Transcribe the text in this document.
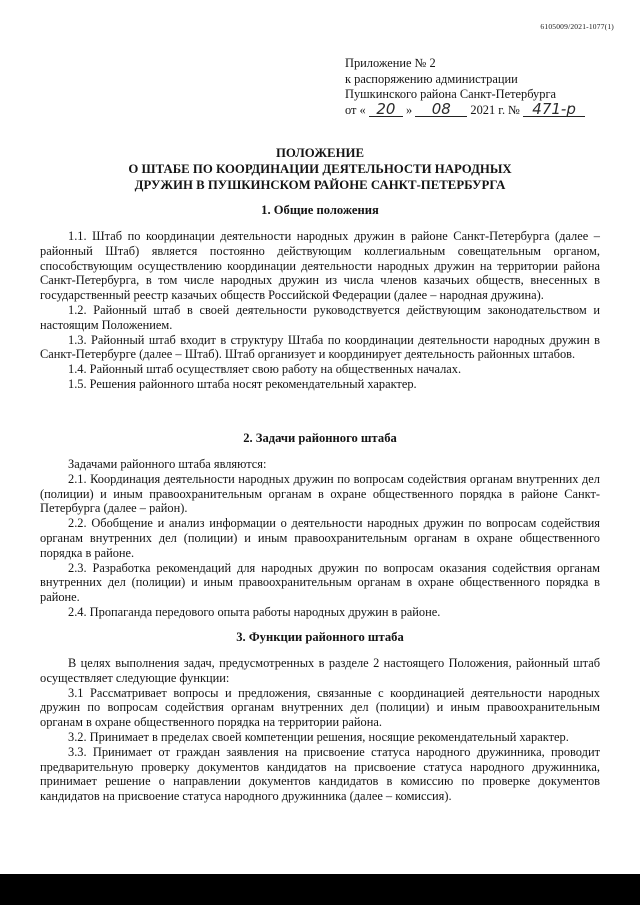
6105009/2021-1077(1)
Приложение № 2
к распоряжению администрации
Пушкинского района Санкт-Петербурга
от « 20 » 08 2021 г. № 471-р
ПОЛОЖЕНИЕ
О ШТАБЕ ПО КООРДИНАЦИИ ДЕЯТЕЛЬНОСТИ НАРОДНЫХ
ДРУЖИН В ПУШКИНСКОМ РАЙОНЕ САНКТ-ПЕТЕРБУРГА
1. Общие положения

1.1. Штаб по координации деятельности народных дружин в районе Санкт-Петербурга (далее – районный Штаб) является постоянно действующим коллегиальным совещательным органом, способствующим осуществлению координации деятельности народных дружин на территории района Санкт-Петербурга, в том числе народных дружин из числа членов казачьих обществ, внесенных в государственный реестр казачьих обществ Российской Федерации (далее – народная дружина).

1.2. Районный штаб в своей деятельности руководствуется действующим законодательством и настоящим Положением.

1.3. Районный штаб входит в структуру Штаба по координации деятельности народных дружин в Санкт-Петербурге (далее – Штаб). Штаб организует и координирует деятельность районных штабов.

1.4. Районный штаб осуществляет свою работу на общественных началах.

1.5. Решения районного штаба носят рекомендательный характер.

2. Задачи районного штаба

Задачами районного штаба являются:

2.1. Координация деятельности народных дружин по вопросам содействия органам внутренних дел (полиции) и иным правоохранительным органам в охране общественного порядка в районе Санкт-Петербурга (далее – район).

2.2. Обобщение и анализ информации о деятельности народных дружин по вопросам содействия органам внутренних дел (полиции) и иным правоохранительным органам в охране общественного порядка в районе.

2.3. Разработка рекомендаций для народных дружин по вопросам оказания содействия органам внутренних дел (полиции) и иным правоохранительным органам в охране общественного порядка в районе.

2.4. Пропаганда передового опыта работы народных дружин в районе.

3. Функции районного штаба

В целях выполнения задач, предусмотренных в разделе 2 настоящего Положения, районный штаб осуществляет следующие функции:

3.1 Рассматривает вопросы и предложения, связанные с координацией деятельности народных дружин по вопросам содействия органам внутренних дел (полиции) и иным правоохранительным органам в охране общественного порядка на территории района.

3.2. Принимает в пределах своей компетенции решения, носящие рекомендательный характер.

3.3. Принимает от граждан заявления на присвоение статуса народного дружинника, проводит предварительную проверку документов кандидатов на присвоение статуса народного дружинника, принимает решение о направлении документов кандидатов в комиссию по проверке документов кандидатов на присвоение статуса народного дружинника (далее – комиссия).
